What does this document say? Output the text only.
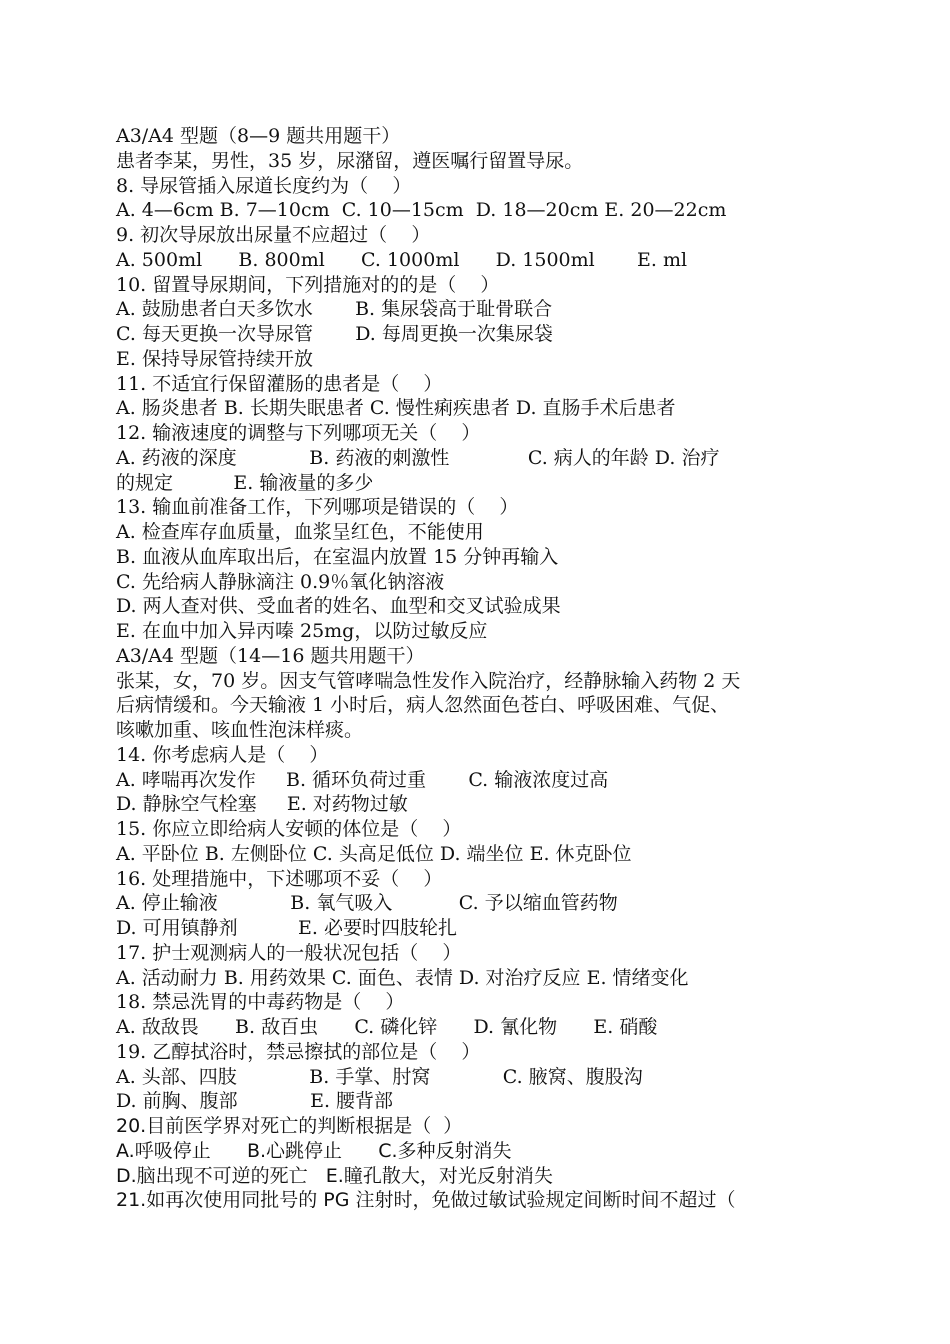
A3/A4 型题（8—9 题共用题干）
患者李某，男性，35 岁，尿潴留，遵医嘱行留置导尿。
8. 导尿管插入尿道长度约为（    ）
A. 4—6cm B. 7—10cm  C. 10—15cm  D. 18—20cm E. 20—22cm
9. 初次导尿放出尿量不应超过（    ）
A. 500ml      B. 800ml      C. 1000ml      D. 1500ml       E. ml
10. 留置导尿期间，下列措施对的的是（    ）
A. 鼓励患者白天多饮水       B. 集尿袋高于耻骨联合
C. 每天更换一次导尿管       D. 每周更换一次集尿袋
E. 保持导尿管持续开放
11. 不适宜行保留灌肠的患者是（    ）
A. 肠炎患者 B. 长期失眠患者 C. 慢性痢疾患者 D. 直肠手术后患者
12. 输液速度的调整与下列哪项无关（    ）
A. 药液的深度            B. 药液的刺激性             C. 病人的年龄 D. 治疗
的规定          E. 输液量的多少
13. 输血前准备工作，下列哪项是错误的（    ）
A. 检查库存血质量，血浆呈红色，不能使用
B. 血液从血库取出后，在室温内放置 15 分钟再输入
C. 先给病人静脉滴注 0.9％氧化钠溶液
D. 两人查对供、受血者的姓名、血型和交叉试验成果
E. 在血中加入异丙嗪 25mg，以防过敏反应
A3/A4 型题（14—16 题共用题干）
张某，女，70 岁。因支气管哮喘急性发作入院治疗，经静脉输入药物 2 天
后病情缓和。今天输液 1 小时后，病人忽然面色苍白、呼吸困难、气促、
咳嗽加重、咳血性泡沫样痰。
14. 你考虑病人是（    ）
A. 哮喘再次发作     B. 循环负荷过重       C. 输液浓度过高
D. 静脉空气栓塞     E. 对药物过敏
15. 你应立即给病人安顿的体位是（    ）
A. 平卧位 B. 左侧卧位 C. 头高足低位 D. 端坐位 E. 休克卧位
16. 处理措施中，下述哪项不妥（    ）
A. 停止输液            B. 氧气吸入           C. 予以缩血管药物
D. 可用镇静剂          E. 必要时四肢轮扎
17. 护士观测病人的一般状况包括（    ）
A. 活动耐力 B. 用药效果 C. 面色、表情 D. 对治疗反应 E. 情绪变化
18. 禁忌洗胃的中毒药物是（    ）
A. 敌敌畏      B. 敌百虫      C. 磷化锌      D. 氰化物      E. 硝酸
19. 乙醇拭浴时，禁忌擦拭的部位是（    ）
A. 头部、四肢            B. 手掌、肘窝            C. 腋窝、腹股沟
D. 前胸、腹部            E. 腰背部
20.目前医学界对死亡的判断根据是（  ）
A.呼吸停止      B.心跳停止      C.多种反射消失
D.脑出现不可逆的死亡   E.瞳孔散大，对光反射消失
21.如再次使用同批号的 PG 注射时，免做过敏试验规定间断时间不超过（
